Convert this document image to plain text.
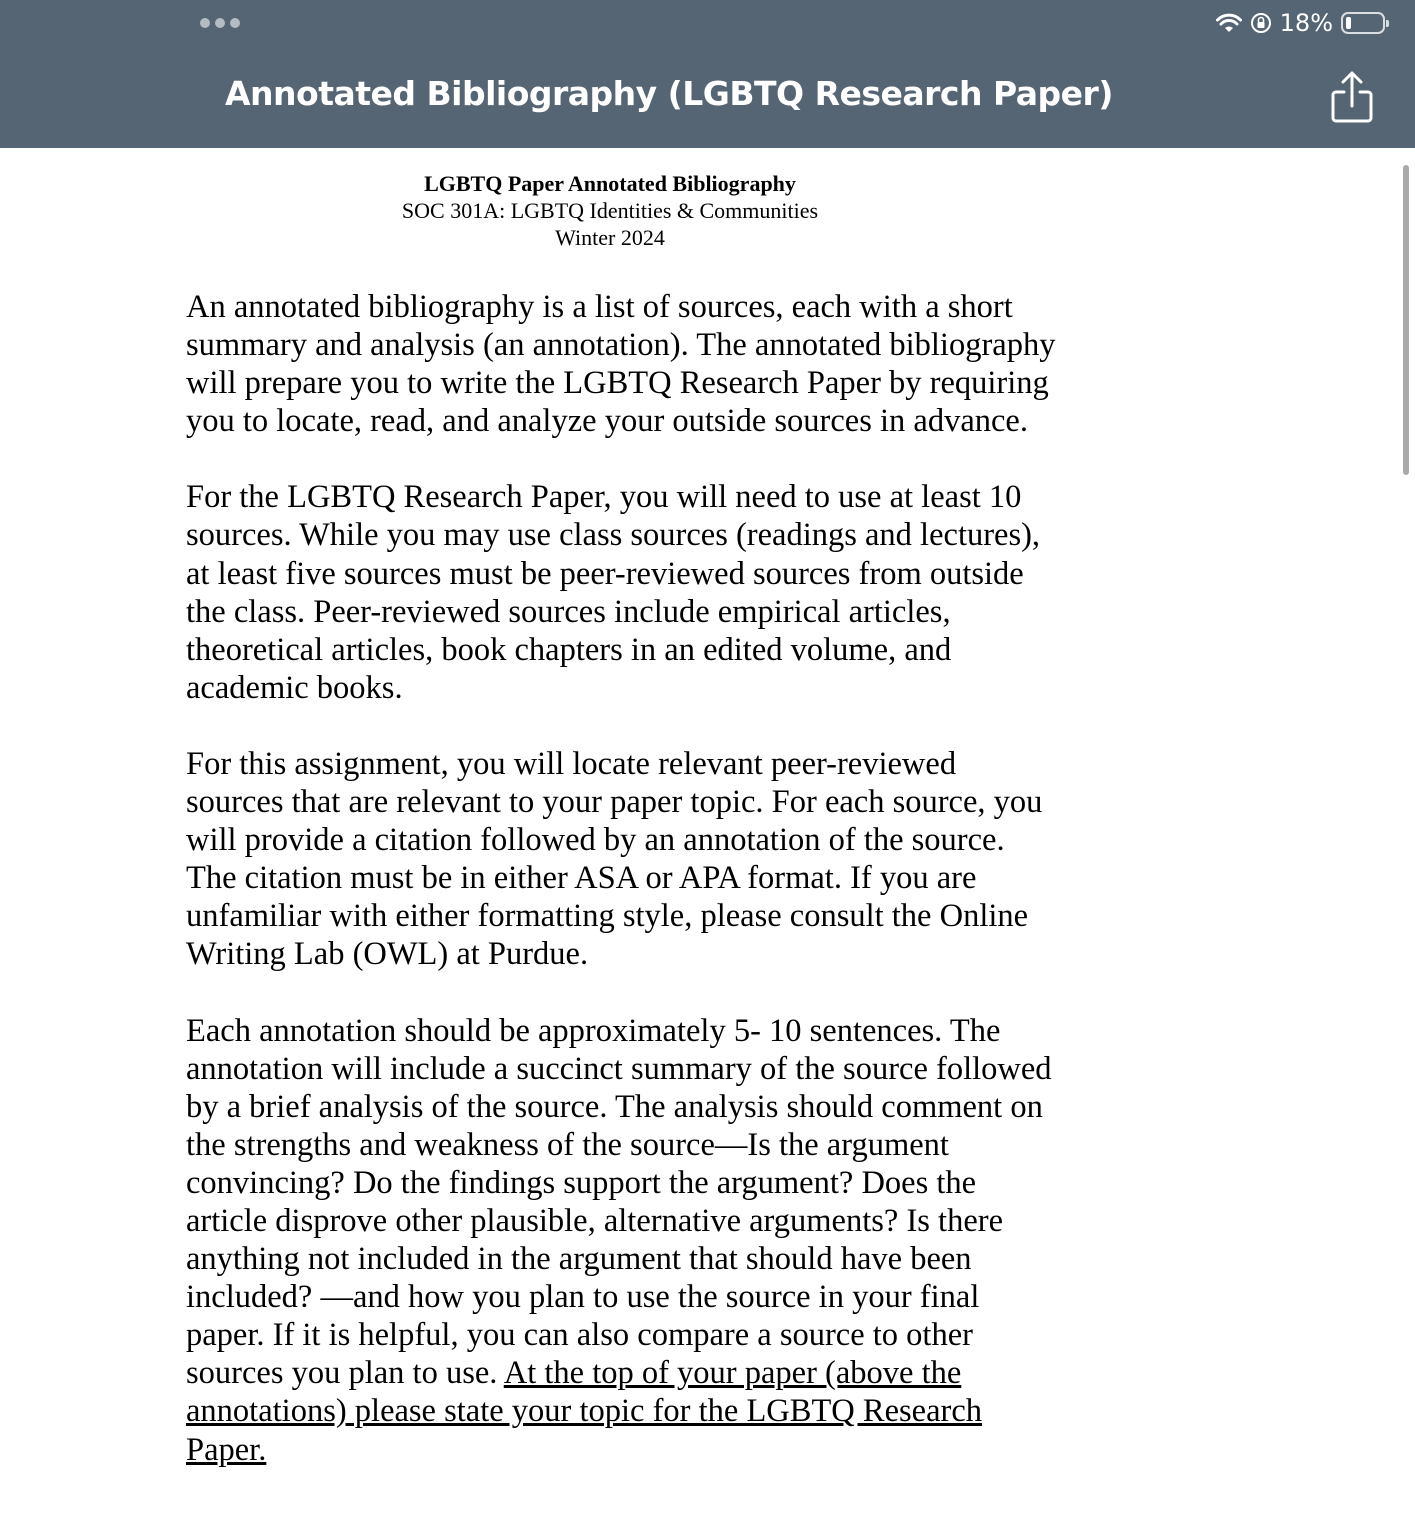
18%
Annotated Bibliography (LGBTQ Research Paper)
LGBTQ Paper Annotated Bibliography
SOC 301A: LGBTQ Identities & Communities
Winter 2024

An annotated bibliography is a list of sources, each with a short summary and analysis (an annotation). The annotated bibliography will prepare you to write the LGBTQ Research Paper by requiring you to locate, read, and analyze your outside sources in advance.

For the LGBTQ Research Paper, you will need to use at least 10 sources. While you may use class sources (readings and lectures), at least five sources must be peer-reviewed sources from outside the class. Peer-reviewed sources include empirical articles, theoretical articles, book chapters in an edited volume, and academic books.

For this assignment, you will locate relevant peer-reviewed sources that are relevant to your paper topic. For each source, you will provide a citation followed by an annotation of the source. The citation must be in either ASA or APA format. If you are unfamiliar with either formatting style, please consult the Online Writing Lab (OWL) at Purdue.

Each annotation should be approximately 5- 10 sentences. The annotation will include a succinct summary of the source followed by a brief analysis of the source. The analysis should comment on the strengths and weakness of the source—Is the argument convincing? Do the findings support the argument? Does the article disprove other plausible, alternative arguments? Is there anything not included in the argument that should have been included? —and how you plan to use the source in your final paper. If it is helpful, you can also compare a source to other sources you plan to use. At the top of your paper (above the annotations) please state your topic for the LGBTQ Research Paper.
